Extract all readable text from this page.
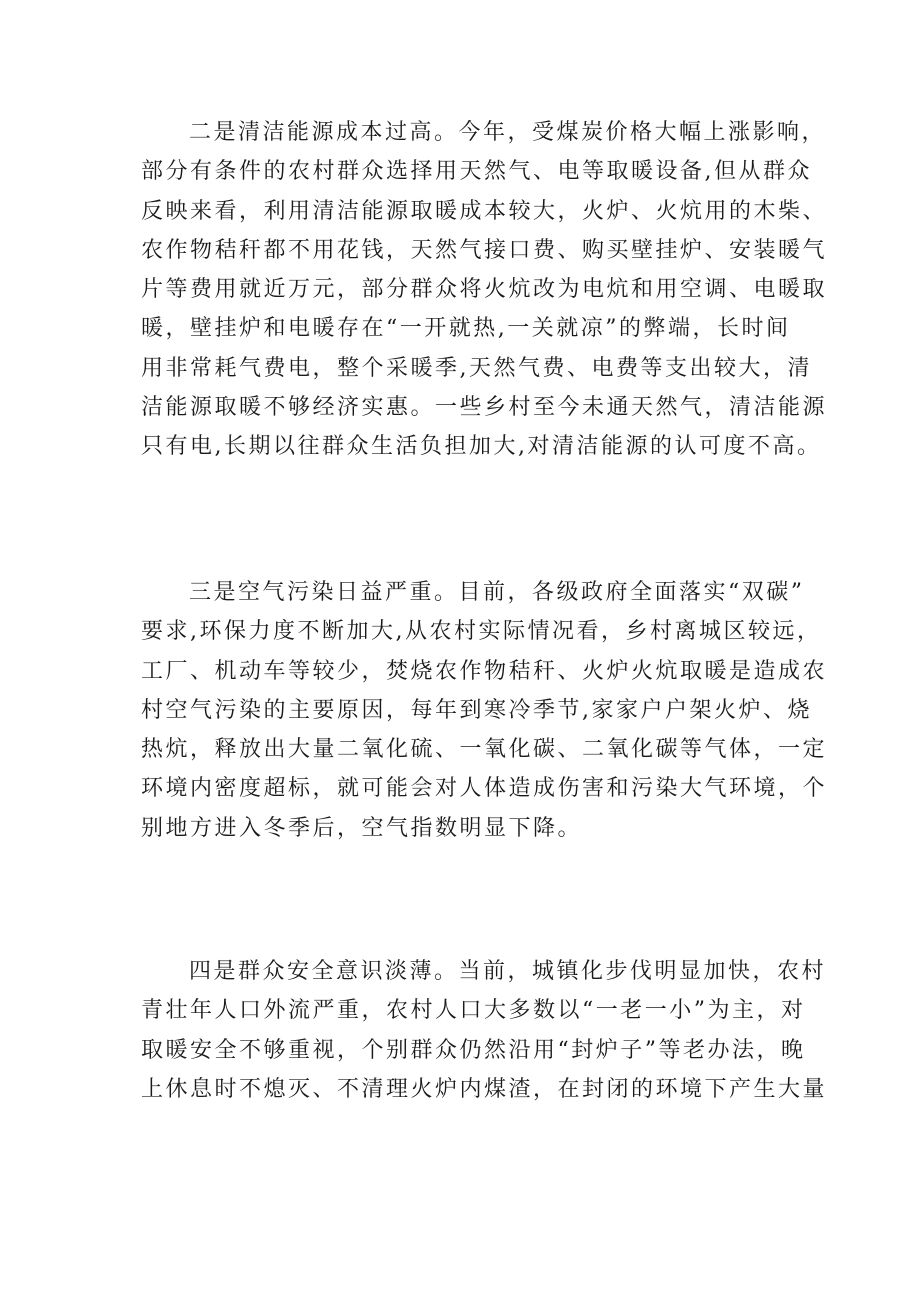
二是清洁能源成本过高。今年，受煤炭价格大幅上涨影响，
部分有条件的农村群众选择用天然气、电等取暖设备,但从群众
反映来看，利用清洁能源取暖成本较大，火炉、火炕用的木柴、
农作物秸秆都不用花钱，天然气接口费、购买壁挂炉、安装暖气
片等费用就近万元，部分群众将火炕改为电炕和用空调、电暖取
暖，壁挂炉和电暖存在“一开就热,一关就凉”的弊端，长时间
用非常耗气费电，整个采暖季,天然气费、电费等支出较大，清
洁能源取暖不够经济实惠。一些乡村至今未通天然气，清洁能源
只有电,长期以往群众生活负担加大,对清洁能源的认可度不高。
三是空气污染日益严重。目前，各级政府全面落实“双碳”
要求,环保力度不断加大,从农村实际情况看，乡村离城区较远，
工厂、机动车等较少，焚烧农作物秸秆、火炉火炕取暖是造成农
村空气污染的主要原因，每年到寒冷季节,家家户户架火炉、烧
热炕，释放出大量二氧化硫、一氧化碳、二氧化碳等气体，一定
环境内密度超标，就可能会对人体造成伤害和污染大气环境，个
别地方进入冬季后，空气指数明显下降。
四是群众安全意识淡薄。当前，城镇化步伐明显加快，农村
青壮年人口外流严重，农村人口大多数以“一老一小”为主，对
取暖安全不够重视，个别群众仍然沿用“封炉子”等老办法，晚
上休息时不熄灭、不清理火炉内煤渣，在封闭的环境下产生大量
